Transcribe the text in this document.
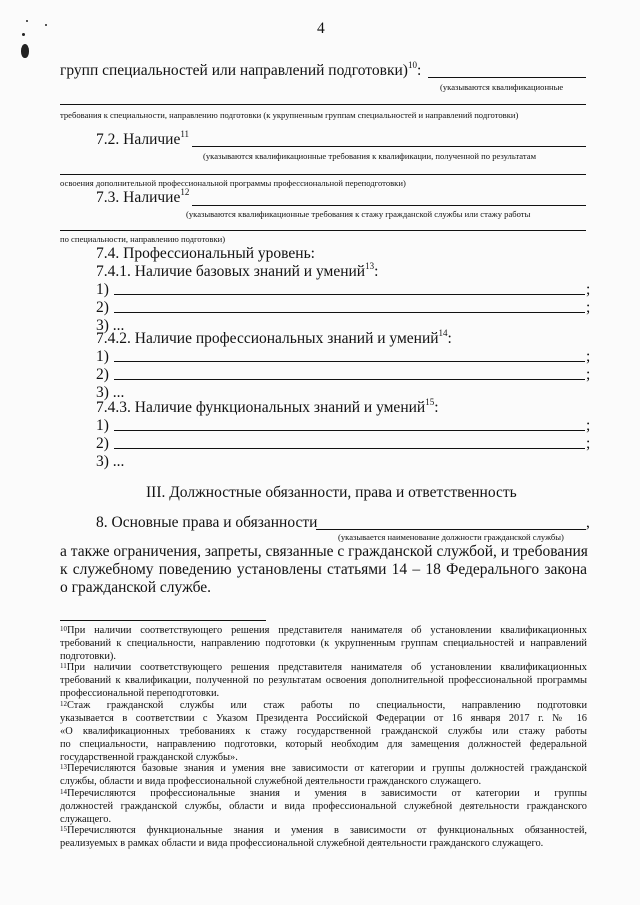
4
групп специальностей или направлений подготовки)$^{10}$:
(указываются квалификационные
требования к специальности, направлению подготовки (к укрупненным группам специальностей и направлений подготовки)
7.2. Наличие$^{11}$
(указываются квалификационные требования к квалификации, полученной по результатам
освоения дополнительной профессиональной программы профессиональной переподготовки)
7.3. Наличие$^{12}$
(указываются квалификационные требования к стажу гражданской службы или стажу работы
по специальности, направлению подготовки)
7.4. Профессиональный уровень:
7.4.1. Наличие базовых знаний и умений$^{13}$:
1)	;
2)	;
3) ...
7.4.2. Наличие профессиональных знаний и умений$^{14}$:
1)	;
2)	;
3) ...
7.4.3. Наличие функциональных знаний и умений$^{15}$:
1)	;
2)	;
3) ...
III. Должностные обязанности, права и ответственность
8. Основные права и обязанности	,
(указывается наименование должности гражданской службы)
а также ограничения, запреты, связанные с гражданской службой, и требования
к служебному поведению установлены статьями 14 – 18 Федерального закона
о гражданской службе.
$^{10}$При наличии соответствующего решения представителя нанимателя об установлении квалификационных
требований к специальности, направлению подготовки (к укрупненным группам специальностей и направлений
подготовки).
$^{11}$При наличии соответствующего решения представителя нанимателя об установлении квалификационных
требований к квалификации, полученной по результатам освоения дополнительной профессиональной программы
профессиональной переподготовки.
$^{12}$Стаж гражданской службы или стаж работы по специальности, направлению подготовки
указывается в соответствии с Указом Президента Российской Федерации от 16 января 2017 г. № 16
«О квалификационных требованиях к стажу государственной гражданской службы или стажу работы
по специальности, направлению подготовки, который необходим для замещения должностей федеральной
государственной гражданской службы».
$^{13}$Перечисляются базовые знания и умения вне зависимости от категории и группы должностей гражданской
службы, области и вида профессиональной служебной деятельности гражданского служащего.
$^{14}$Перечисляются профессиональные знания и умения в зависимости от категории и группы
должностей гражданской службы, области и вида профессиональной служебной деятельности гражданского
служащего.
$^{15}$Перечисляются функциональные знания и умения в зависимости от функциональных обязанностей,
реализуемых в рамках области и вида профессиональной служебной деятельности гражданского служащего.
